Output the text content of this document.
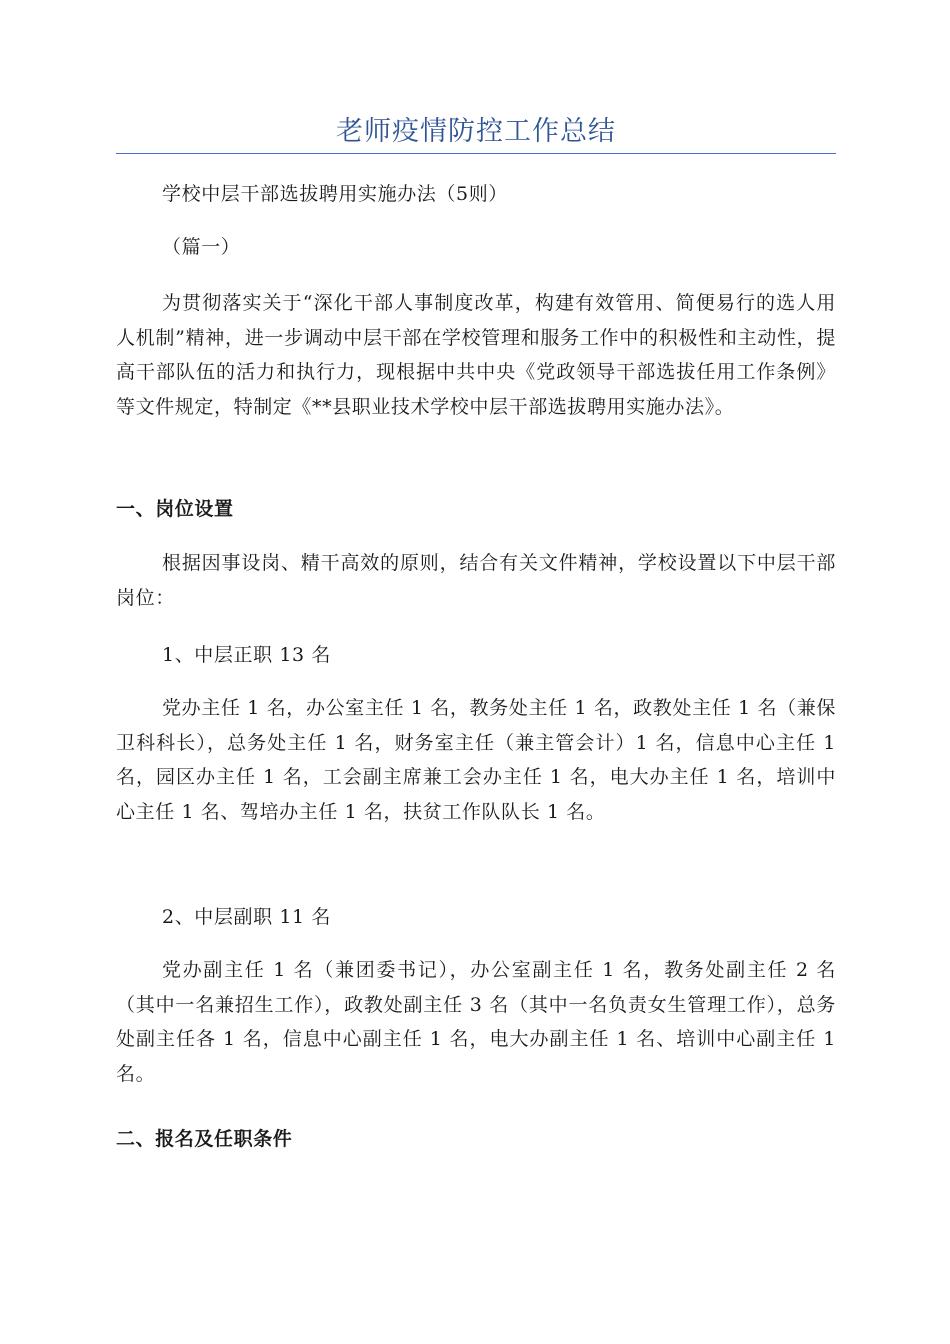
老师疫情防控工作总结

学校中层干部选拔聘用实施办法（5则）

（篇一）

为贯彻落实关于“深化干部人事制度改革，构建有效管用、简便易行的选人用人机制”精神，进一步调动中层干部在学校管理和服务工作中的积极性和主动性，提高干部队伍的活力和执行力，现根据中共中央《党政领导干部选拔任用工作条例》等文件规定，特制定《**县职业技术学校中层干部选拔聘用实施办法》。

一、岗位设置

根据因事设岗、精干高效的原则，结合有关文件精神，学校设置以下中层干部岗位：

1、中层正职 13 名

党办主任 1 名，办公室主任 1 名，教务处主任 1 名，政教处主任 1 名（兼保卫科科长），总务处主任 1 名，财务室主任（兼主管会计）1 名，信息中心主任 1 名，园区办主任 1 名，工会副主席兼工会办主任 1 名，电大办主任 1 名，培训中心主任 1 名、驾培办主任 1 名，扶贫工作队队长 1 名。

2、中层副职 11 名

党办副主任 1 名（兼团委书记），办公室副主任 1 名，教务处副主任 2 名（其中一名兼招生工作），政教处副主任 3 名（其中一名负责女生管理工作），总务处副主任各 1 名，信息中心副主任 1 名，电大办副主任 1 名、培训中心副主任 1 名。

二、报名及任职条件
